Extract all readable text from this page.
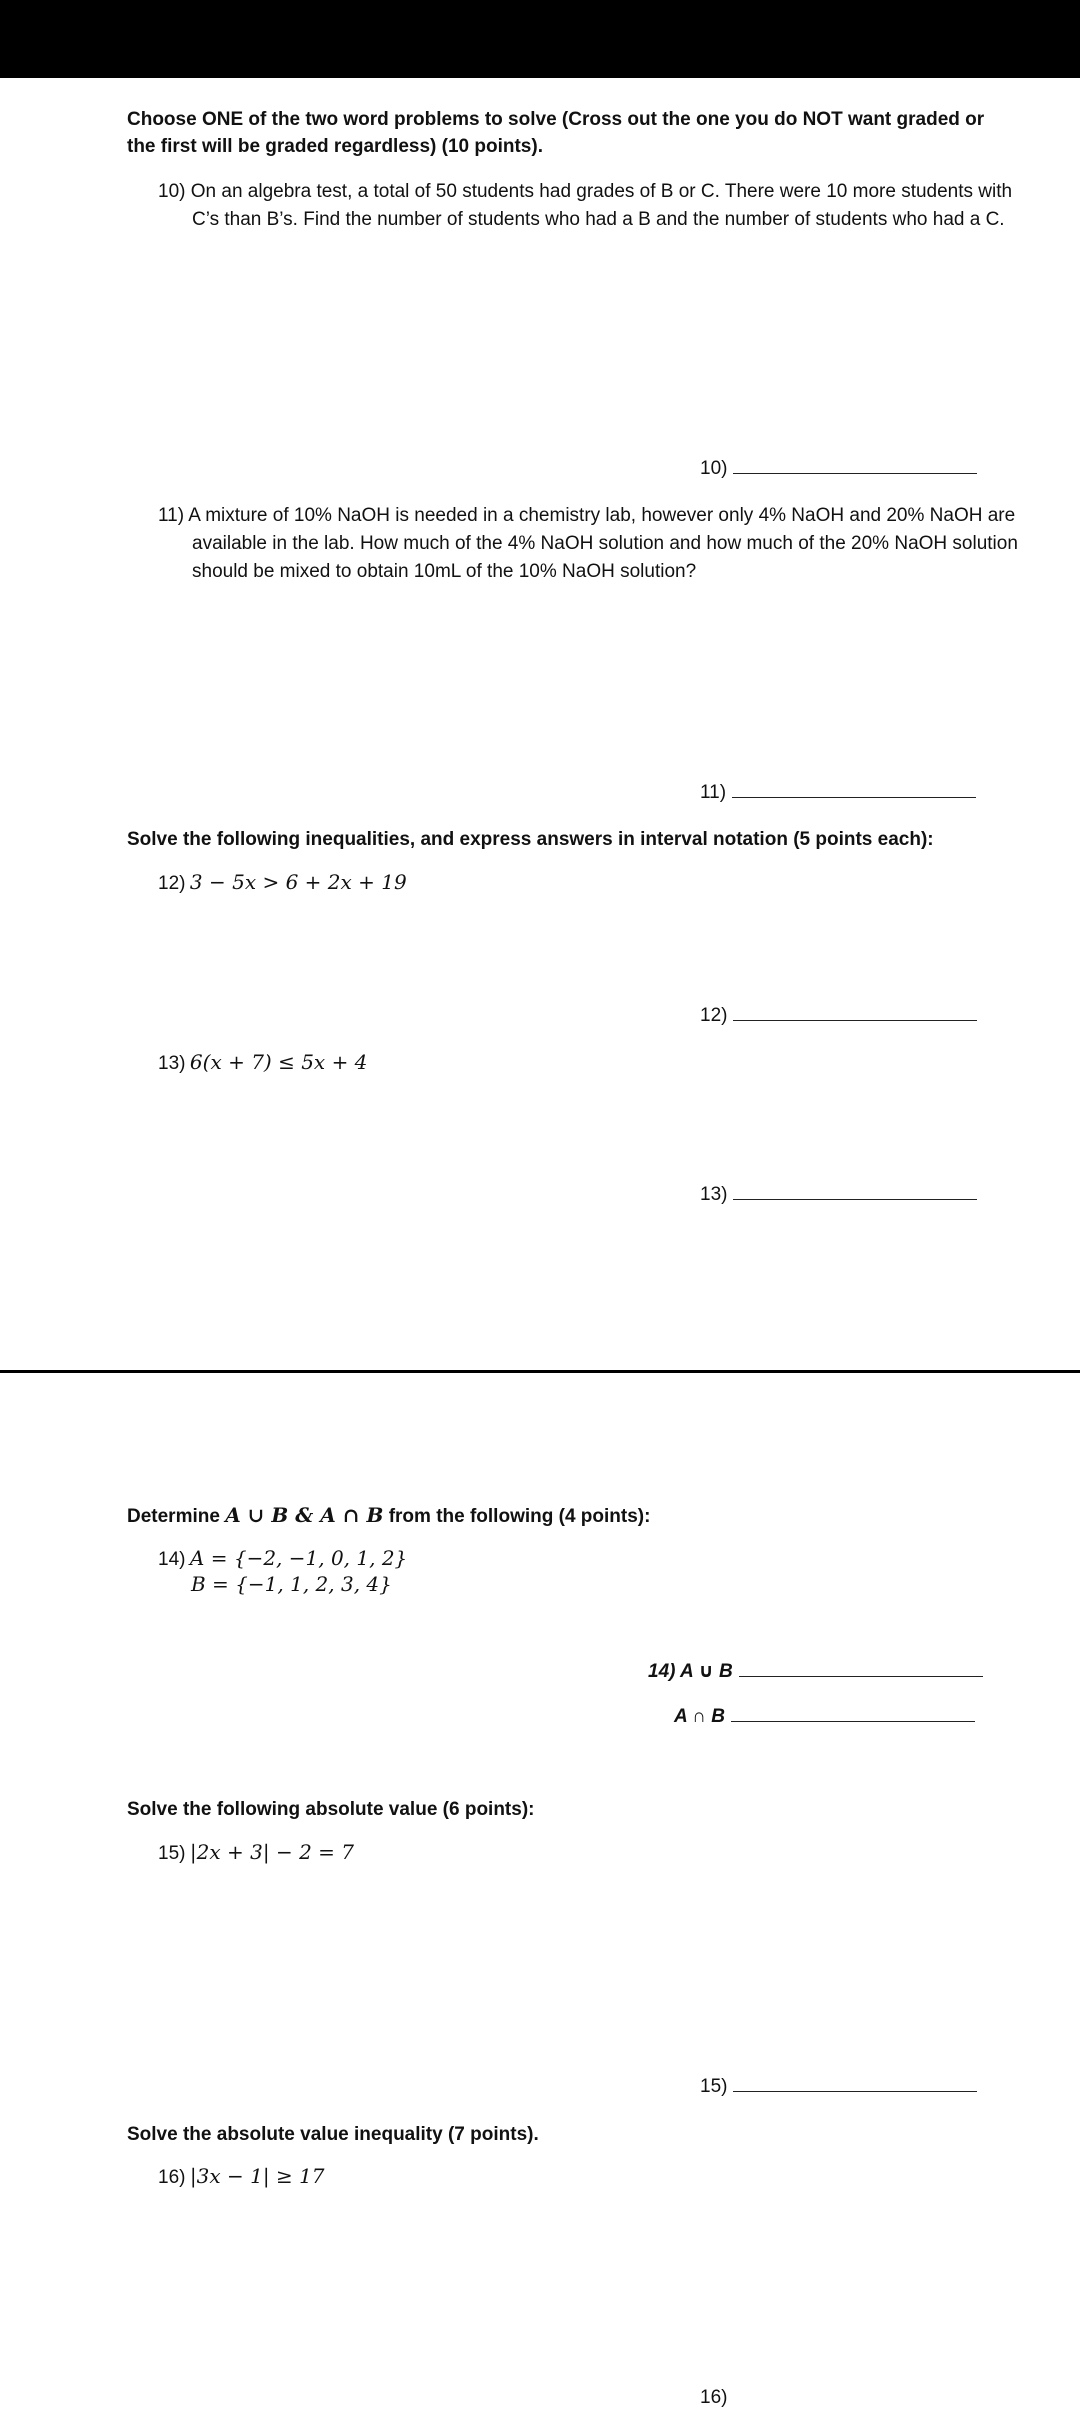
Choose ONE of the two word problems to solve (Cross out the one you do NOT want graded or the first will be graded regardless) (10 points).
10) On an algebra test, a total of 50 students had grades of B or C. There were 10 more students with C’s than B’s. Find the number of students who had a B and the number of students who had a C.
10)
11) A mixture of 10% NaOH is needed in a chemistry lab, however only 4% NaOH and 20% NaOH are available in the lab. How much of the 4% NaOH solution and how much of the 20% NaOH solution should be mixed to obtain 10mL of the 10% NaOH solution?
11)
Solve the following inequalities, and express answers in interval notation (5 points each):
12) 3 − 5x > 6 + 2x + 19
12)
13) 6(x + 7) ≤ 5x + 4
13)
Determine A ∪ B & A ∩ B from the following (4 points):
14) A = {−2, −1, 0, 1, 2}
B = {−1, 1, 2, 3, 4}
14) A ∪ B
A ∩ B
Solve the following absolute value (6 points):
15) |2x + 3| − 2 = 7
15)
Solve the absolute value inequality (7 points).
16) |3x − 1| ≥ 17
16)
